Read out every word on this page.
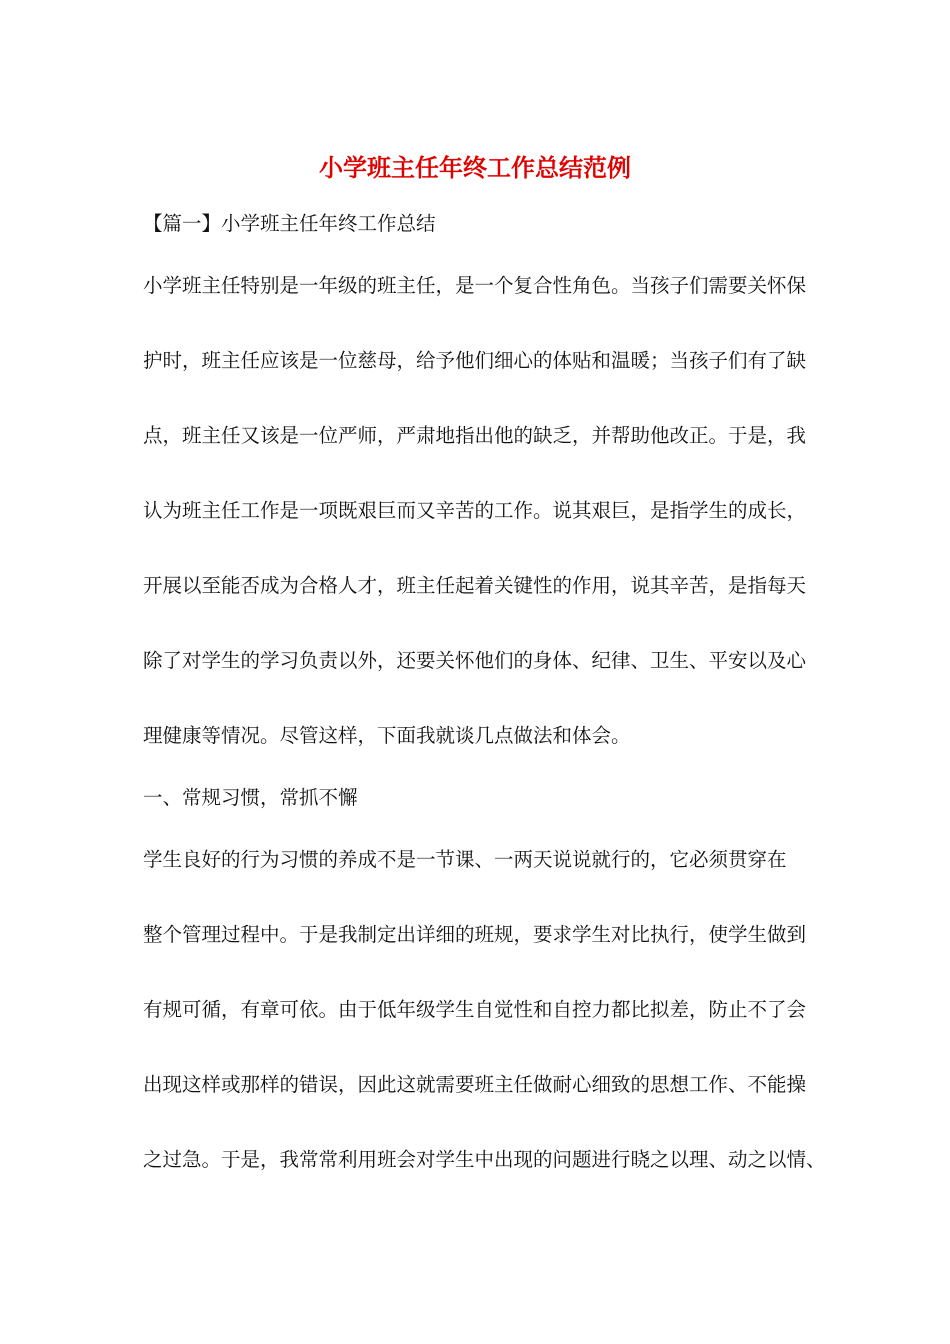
小学班主任年终工作总结范例

【篇一】小学班主任年终工作总结

小学班主任特别是一年级的班主任，是一个复合性角色。当孩子们需要关怀保

护时，班主任应该是一位慈母，给予他们细心的体贴和温暖；当孩子们有了缺

点，班主任又该是一位严师，严肃地指出他的缺乏，并帮助他改正。于是，我

认为班主任工作是一项既艰巨而又辛苦的工作。说其艰巨，是指学生的成长，

开展以至能否成为合格人才，班主任起着关键性的作用，说其辛苦，是指每天

除了对学生的学习负责以外，还要关怀他们的身体、纪律、卫生、平安以及心

理健康等情况。尽管这样，下面我就谈几点做法和体会。

一、常规习惯，常抓不懈

学生良好的行为习惯的养成不是一节课、一两天说说就行的，它必须贯穿在

整个管理过程中。于是我制定出详细的班规，要求学生对比执行，使学生做到

有规可循，有章可依。由于低年级学生自觉性和自控力都比拟差，防止不了会

出现这样或那样的错误，因此这就需要班主任做耐心细致的思想工作、不能操

之过急。于是，我常常利用班会对学生中出现的问题进行晓之以理、动之以情、
